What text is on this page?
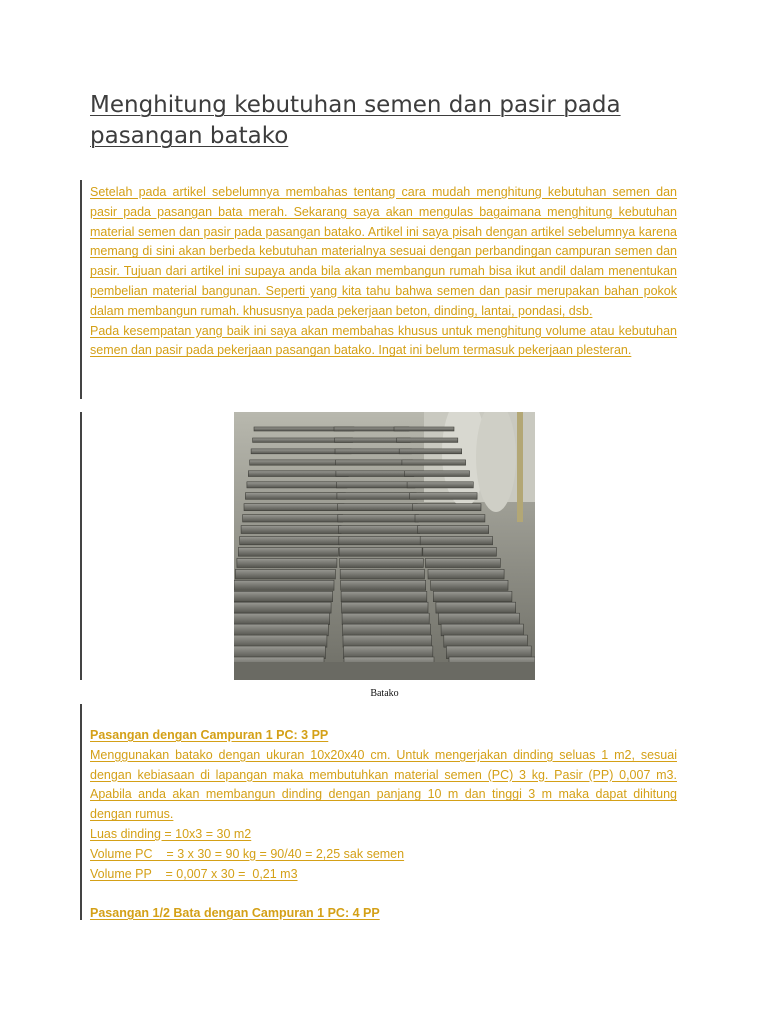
Menghitung kebutuhan semen dan pasir pada pasangan batako

Setelah pada artikel sebelumnya membahas tentang cara mudah menghitung kebutuhan semen dan pasir pada pasangan bata merah. Sekarang saya akan mengulas bagaimana menghitung kebutuhan material semen dan pasir pada pasangan batako. Artikel ini saya pisah dengan artikel sebelumnya karena memang di sini akan berbeda kebutuhan materialnya sesuai dengan perbandingan campuran semen dan pasir. Tujuan dari artikel ini supaya anda bila akan membangun rumah bisa ikut andil dalam menentukan pembelian material bangunan. Seperti yang kita tahu bahwa semen dan pasir merupakan bahan pokok dalam membangun rumah. khususnya pada pekerjaan beton, dinding, lantai, pondasi, dsb.

Pada kesempatan yang baik ini saya akan membahas khusus untuk menghitung volume atau kebutuhan semen dan pasir pada pekerjaan pasangan batako. Ingat ini belum termasuk pekerjaan plesteran.

Batako

Pasangan dengan Campuran 1 PC: 3 PP

Menggunakan batako dengan ukuran 10x20x40 cm. Untuk mengerjakan dinding seluas 1 m2, sesuai dengan kebiasaan di lapangan maka membutuhkan material semen (PC) 3 kg. Pasir (PP) 0,007 m3. Apabila anda akan membangun dinding dengan panjang 10 m dan tinggi 3 m maka dapat dihitung dengan rumus.

Luas dinding = 10x3 = 30 m2

Volume PC    = 3 x 30 = 90 kg = 90/40 = 2,25 sak semen

Volume PP    = 0,007 x 30 =  0,21 m3

Pasangan 1/2 Bata dengan Campuran 1 PC: 4 PP
